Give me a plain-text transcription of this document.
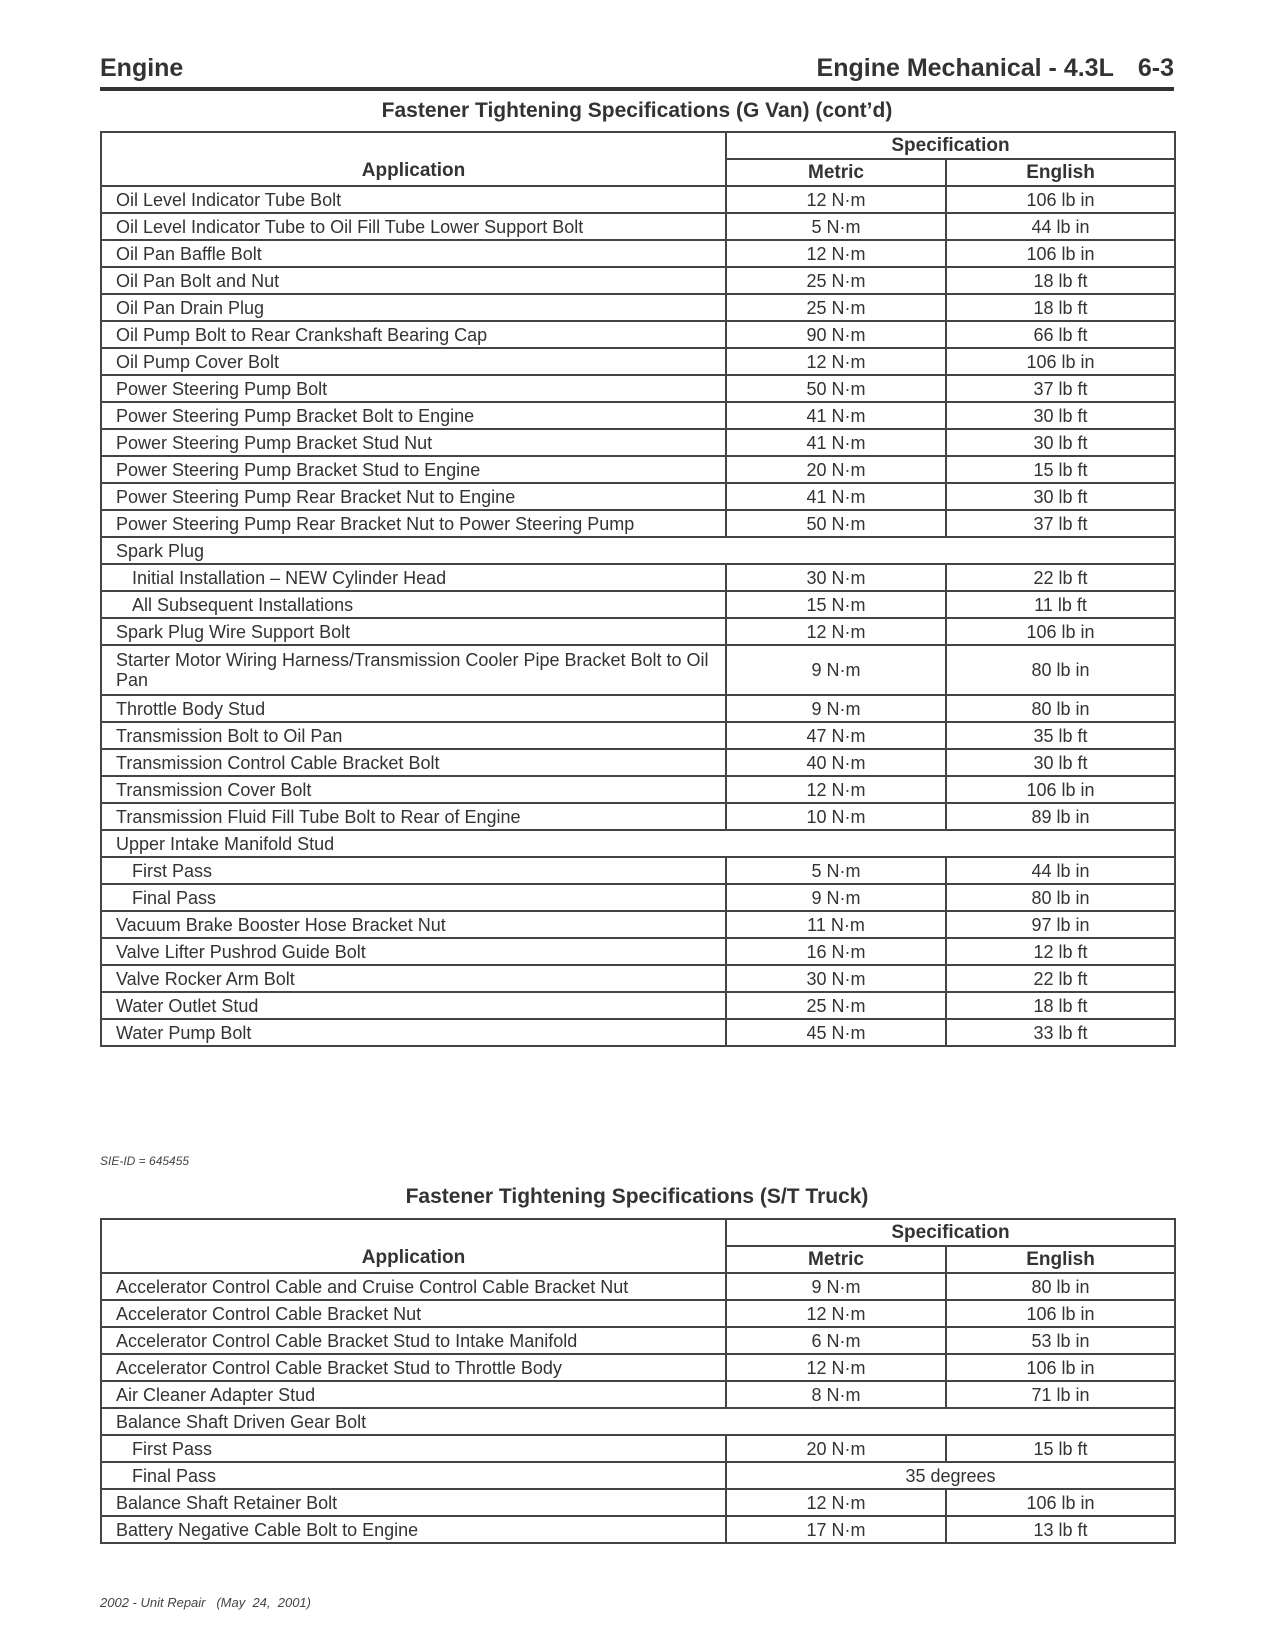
Engine	Engine Mechanical - 4.3L 6-3
Fastener Tightening Specifications (G Van) (cont’d)
Application	Specification	
	Metric	English
Oil Level Indicator Tube Bolt	12 N·m	106 lb in
Oil Level Indicator Tube to Oil Fill Tube Lower Support Bolt	5 N·m	44 lb in
Oil Pan Baffle Bolt	12 N·m	106 lb in
Oil Pan Bolt and Nut	25 N·m	18 lb ft
Oil Pan Drain Plug	25 N·m	18 lb ft
Oil Pump Bolt to Rear Crankshaft Bearing Cap	90 N·m	66 lb ft
Oil Pump Cover Bolt	12 N·m	106 lb in
Power Steering Pump Bolt	50 N·m	37 lb ft
Power Steering Pump Bracket Bolt to Engine	41 N·m	30 lb ft
Power Steering Pump Bracket Stud Nut	41 N·m	30 lb ft
Power Steering Pump Bracket Stud to Engine	20 N·m	15 lb ft
Power Steering Pump Rear Bracket Nut to Engine	41 N·m	30 lb ft
Power Steering Pump Rear Bracket Nut to Power Steering Pump	50 N·m	37 lb ft
Spark Plug		
Initial Installation – NEW Cylinder Head	30 N·m	22 lb ft
All Subsequent Installations	15 N·m	11 lb ft
Spark Plug Wire Support Bolt	12 N·m	106 lb in
Starter Motor Wiring Harness/Transmission Cooler Pipe Bracket Bolt to Oil Pan	9 N·m	80 lb in
Throttle Body Stud	9 N·m	80 lb in
Transmission Bolt to Oil Pan	47 N·m	35 lb ft
Transmission Control Cable Bracket Bolt	40 N·m	30 lb ft
Transmission Cover Bolt	12 N·m	106 lb in
Transmission Fluid Fill Tube Bolt to Rear of Engine	10 N·m	89 lb in
Upper Intake Manifold Stud		
First Pass	5 N·m	44 lb in
Final Pass	9 N·m	80 lb in
Vacuum Brake Booster Hose Bracket Nut	11 N·m	97 lb in
Valve Lifter Pushrod Guide Bolt	16 N·m	12 lb ft
Valve Rocker Arm Bolt	30 N·m	22 lb ft
Water Outlet Stud	25 N·m	18 lb ft
Water Pump Bolt	45 N·m	33 lb ft
SIE-ID = 645455
Fastener Tightening Specifications (S/T Truck)
Application	Specification	
	Metric	English
Accelerator Control Cable and Cruise Control Cable Bracket Nut	9 N·m	80 lb in
Accelerator Control Cable Bracket Nut	12 N·m	106 lb in
Accelerator Control Cable Bracket Stud to Intake Manifold	6 N·m	53 lb in
Accelerator Control Cable Bracket Stud to Throttle Body	12 N·m	106 lb in
Air Cleaner Adapter Stud	8 N·m	71 lb in
Balance Shaft Driven Gear Bolt		
First Pass	20 N·m	15 lb ft
Final Pass	35 degrees	
Balance Shaft Retainer Bolt	12 N·m	106 lb in
Battery Negative Cable Bolt to Engine	17 N·m	13 lb ft
2002 - Unit Repair   (May  24,  2001)
